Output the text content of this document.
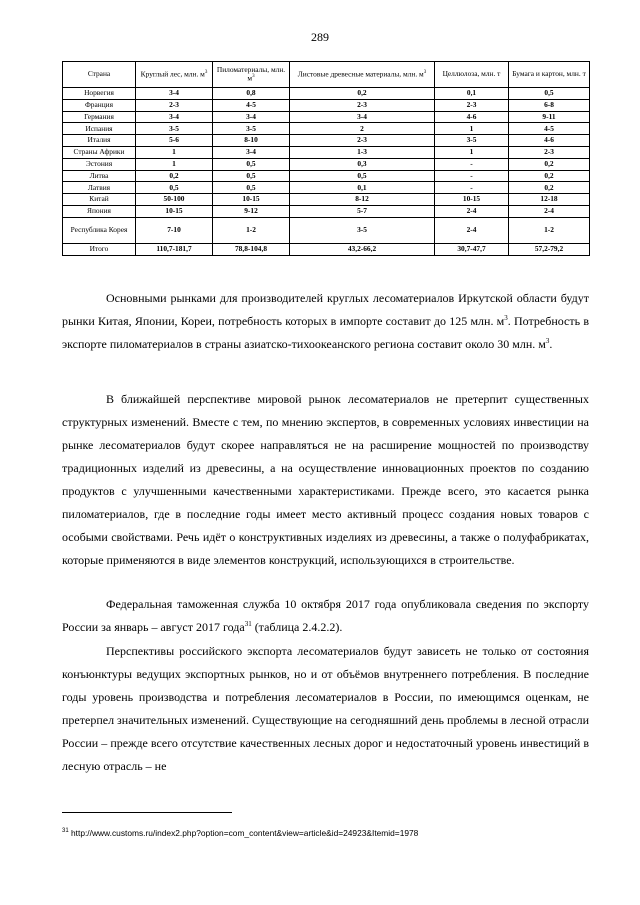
289
Страна	Круглый лес, млн. $м^3$	Пиломатериалы, млн. $м^3$	Листовые древесные материалы, млн. $м^3$	Целлюлоза, млн. т	Бумага и картон, млн. т
Норвегия	3-4	0,8	0,2	0,1	0,5
Франция	2-3	4-5	2-3	2-3	6-8
Германия	3-4	3-4	3-4	4-6	9-11
Испания	3-5	3-5	2	1	4-5
Италия	5-6	8-10	2-3	3-5	4-6
Страны Африки	1	3-4	1-3	1	2-3
Эстония	1	0,5	0,3	-	0,2
Литва	0,2	0,5	0,5	-	0,2
Латвия	0,5	0,5	0,1	-	0,2
Китай	50-100	10-15	8-12	10-15	12-18
Япония	10-15	9-12	5-7	2-4	2-4
Республика Корея	7-10	1-2	3-5	2-4	1-2
Итого	110,7-181,7	78,8-104,8	43,2-66,2	30,7-47,7	57,2-79,2
Основными рынками для производителей круглых лесоматериалов Иркутской области будут рынки Китая, Японии, Кореи, потребность которых в импорте составит до 125 млн. $м^3$. Потребность в экспорте пиломатериалов в страны азиатско-тихоокеанского региона составит около 30 млн. $м^3$.
В ближайшей перспективе мировой рынок лесоматериалов не претерпит существенных структурных изменений. Вместе с тем, по мнению экспертов, в современных условиях инвестиции на рынке лесоматериалов будут скорее направляться не на расширение мощностей по производству традиционных изделий из древесины, а на осуществление инновационных проектов по созданию продуктов с улучшенными качественными характеристиками. Прежде всего, это касается рынка пиломатериалов, где в последние годы имеет место активный процесс создания новых товаров с особыми свойствами. Речь идёт о конструктивных изделиях из древесины, а также о полуфабрикатах, которые применяются в виде элементов конструкций, использующихся в строительстве.
Федеральная таможенная служба 10 октября 2017 года опубликовала сведения по экспорту России за январь – август 2017 года$^{31}$ (таблица 2.4.2.2).
Перспективы российского экспорта лесоматериалов будут зависеть не только от состояния конъюнктуры ведущих экспортных рынков, но и от объёмов внутреннего потребления. В последние годы уровень производства и потребления лесоматериалов в России, по имеющимся оценкам, не претерпел значительных изменений. Существующие на сегодняшний день проблемы в лесной отрасли России – прежде всего отсутствие качественных лесных дорог и недостаточный уровень инвестиций в лесную отрасль – не
$^{31}$ http://www.customs.ru/index2.php?option=com_content&view=article&id=24923&Itemid=1978
